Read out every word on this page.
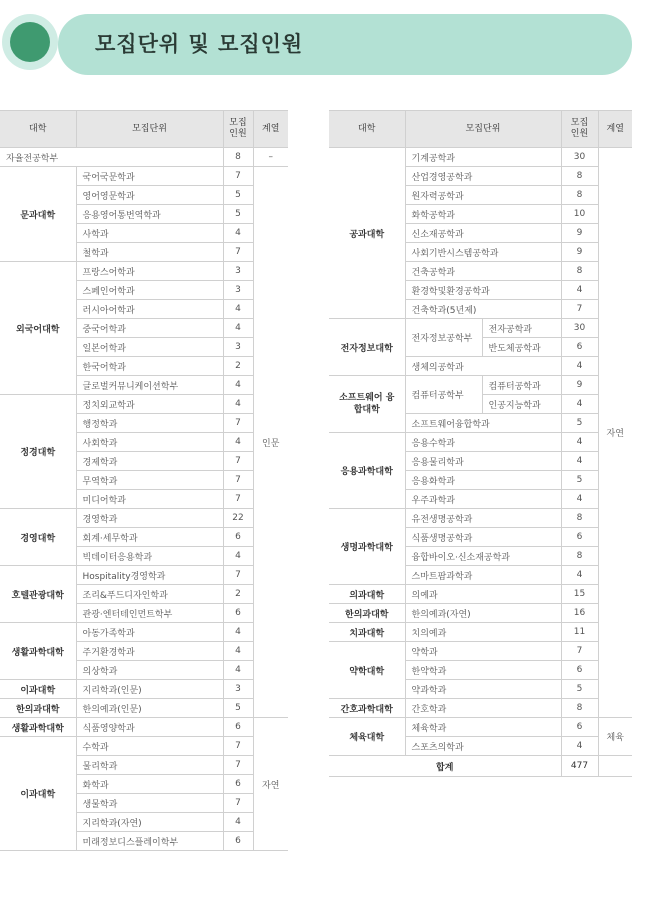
모집단위 및 모집인원
대학	모집단위	모집
인원	계열
자율전공학부		8	–
문과대학	국어국문학과	7	인문
	영어영문학과	5	
	응용영어통번역학과	5	
	사학과	4	
	철학과	7	
외국어대학	프랑스어학과	3	
	스페인어학과	3	
	러시아어학과	4	
	중국어학과	4	
	일본어학과	3	
	한국어학과	2	
	글로벌커뮤니케이션학부	4	
정경대학	정치외교학과	4	
	행정학과	7	
	사회학과	4	
	경제학과	7	
	무역학과	7	
	미디어학과	7	
경영대학	경영학과	22	
	회계·세무학과	6	
	빅데이터응용학과	4	
호텔관광대학	Hospitality경영학과	7	
	조리&푸드디자인학과	2	
	관광·엔터테인먼트학부	6	
생활과학대학	아동가족학과	4	
	주거환경학과	4	
	의상학과	4	
이과대학	지리학과(인문)	3	
한의과대학	한의예과(인문)	5	
생활과학대학	식품영양학과	6	자연
이과대학	수학과	7	
	물리학과	7	
	화학과	6	
	생물학과	7	
	지리학과(자연)	4	
	미래정보디스플레이학부	6	
대학	모집단위		모집
인원	계열
공과대학	기계공학과		30	자연
	산업경영공학과		8	
	원자력공학과		8	
	화학공학과		10	
	신소재공학과		9	
	사회기반시스템공학과		9	
	건축공학과		8	
	환경학및환경공학과		4	
	건축학과(5년제)		7	
전자정보대학	전자정보공학부	전자공학과	30	
		반도체공학과	6	
	생체의공학과		4	
소프트웨어 융합대학	컴퓨터공학부	컴퓨터공학과	9	
		인공지능학과	4	
	소프트웨어융합학과		5	
응용과학대학	응용수학과		4	
	응용물리학과		4	
	응용화학과		5	
	우주과학과		4	
생명과학대학	유전생명공학과		8	
	식품생명공학과		6	
	융합바이오·신소재공학과		8	
	스마트팜과학과		4	
의과대학	의예과		15	
한의과대학	한의예과(자연)		16	
치과대학	치의예과		11	
약학대학	약학과		7	
	한약학과		6	
	약과학과		5	
간호과학대학	간호학과		8	
체육대학	체육학과		6	체육
	스포츠의학과		4	
합계			477	
